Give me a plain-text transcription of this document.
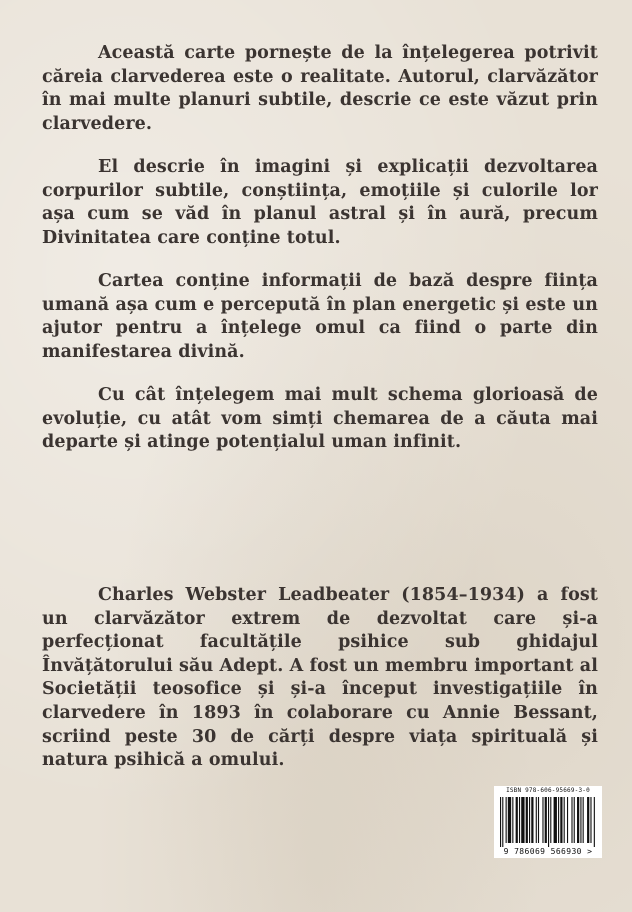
Această carte pornește de la înțelegerea potrivit căreia clarvederea este o realitate. Autorul, clarvăzător în mai multe planuri subtile, descrie ce este văzut prin clarvedere.

El descrie în imagini și explicații dezvoltarea corpurilor subtile, conștiința, emoțiile și culorile lor așa cum se văd în planul astral și în aură, precum Divinitatea care conține totul.

Cartea conține informații de bază despre ființa umană așa cum e percepută în plan energetic și este un ajutor pentru a înțelege omul ca fiind o parte din manifestarea divină.

Cu cât înțelegem mai mult schema glorioasă de evoluție, cu atât vom simți chemarea de a căuta mai departe și atinge potențialul uman infinit.

Charles Webster Leadbeater (1854–1934) a fost un clarvăzător extrem de dezvoltat care și-a perfecționat facultățile psihice sub ghidajul Învățătorului său Adept. A fost un membru important al Societății teosofice și și-a început investigațiile în clarvedere în 1893 în colaborare cu Annie Bessant, scriind peste 30 de cărți despre viața spirituală și natura psihică a omului.

ISBN 978-606-95669-3-0
9 786069 566930 >
